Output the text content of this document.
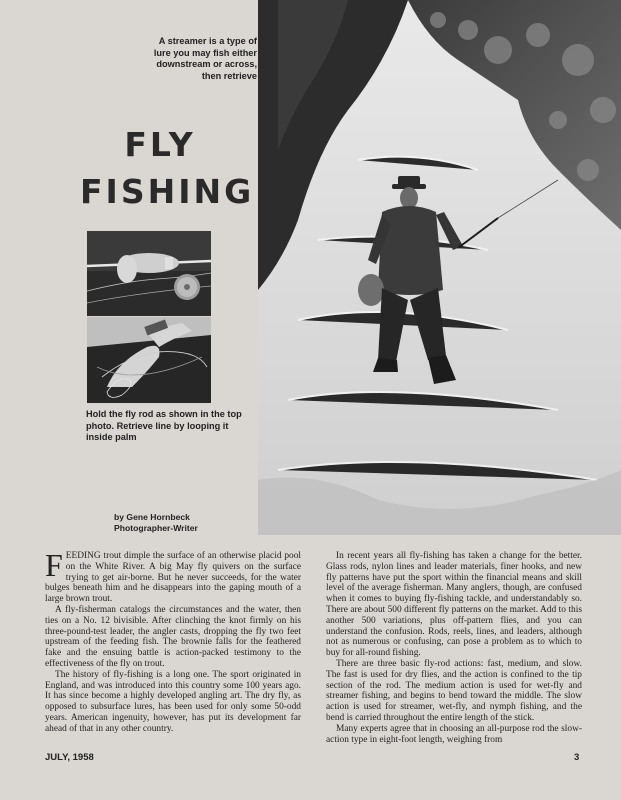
A streamer is a type of lure you may fish either downstream or across, then retrieve
FLY
FISHING
Hold the fly rod as shown in the top photo. Retrieve line by looping it inside palm
by Gene Hornbeck
Photographer-Writer

FEEDING trout dimple the surface of an otherwise placid pool on the White River. A big May fly quivers on the surface trying to get air-borne. But he never succeeds, for the water bulges beneath him and he disappears into the gaping mouth of a large brown trout.

A fly-fisherman catalogs the circumstances and the water, then ties on a No. 12 bivisible. After clinching the knot firmly on his three-pound-test leader, the angler casts, dropping the fly two feet upstream of the feeding fish. The brownie falls for the feathered fake and the ensuing battle is action-packed testimony to the effectiveness of the fly on trout.

The history of fly-fishing is a long one. The sport originated in England, and was introduced into this country some 100 years ago. It has since become a highly developed angling art. The dry fly, as opposed to subsurface lures, has been used for only some 50-odd years. American ingenuity, however, has put its development far ahead of that in any other country.

In recent years all fly-fishing has taken a change for the better. Glass rods, nylon lines and leader materials, finer hooks, and new fly patterns have put the sport within the financial means and skill level of the average fisherman. Many anglers, though, are confused when it comes to buying fly-fishing tackle, and understandably so. There are about 500 different fly patterns on the market. Add to this another 500 variations, plus off-pattern flies, and you can understand the confusion. Rods, reels, lines, and leaders, although not as numerous or confusing, can pose a problem as to which to buy for all-round fishing.

There are three basic fly-rod actions: fast, medium, and slow. The fast is used for dry flies, and the action is confined to the tip section of the rod. The medium action is used for wet-fly and streamer fishing, and begins to bend toward the middle. The slow action is used for streamer, wet-fly, and nymph fishing, and the bend is carried throughout the entire length of the stick.

Many experts agree that in choosing an all-purpose rod the slow-action type in eight-foot length, weighing from

JULY, 1958	3
